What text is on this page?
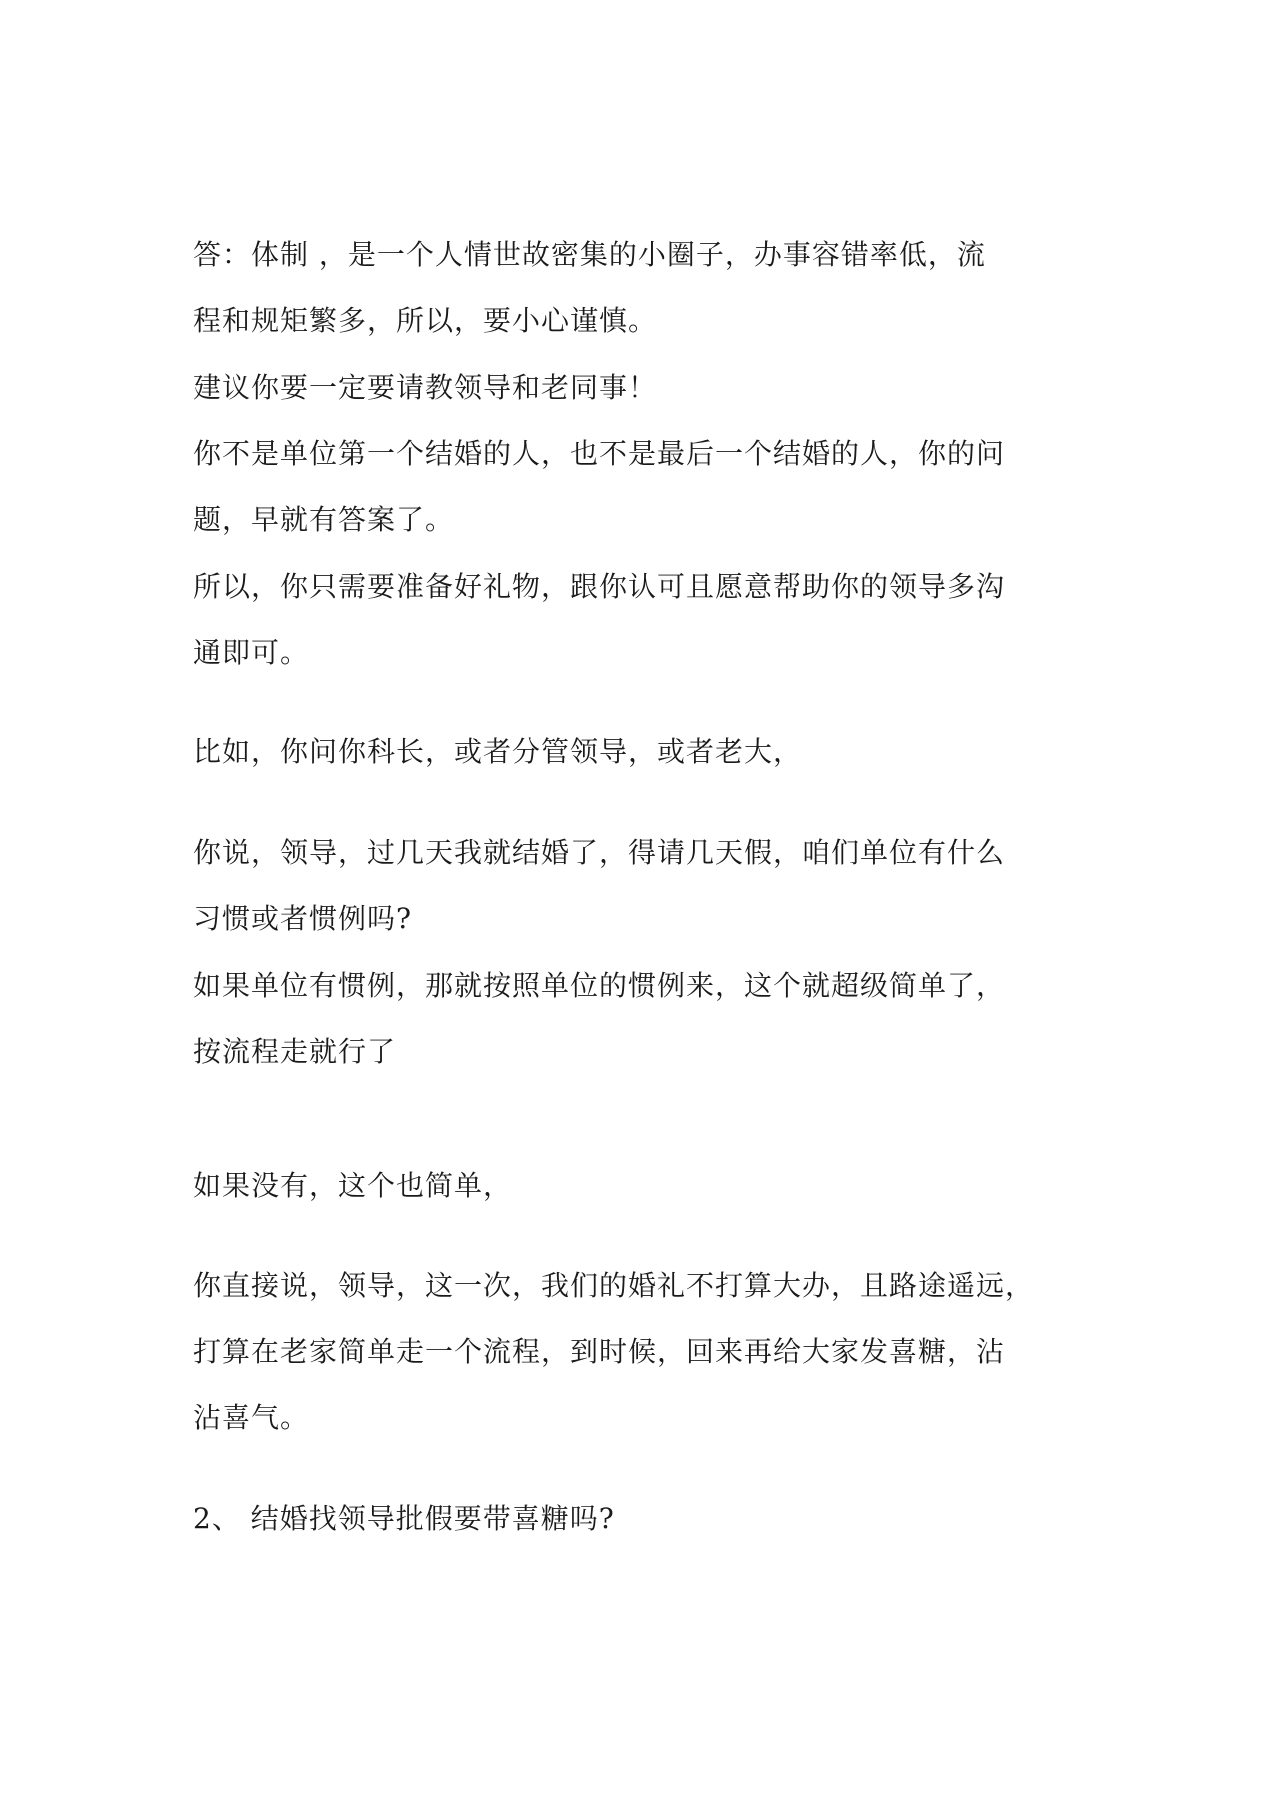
答：体制 ，是一个人情世故密集的小圈子，办事容错率低，流
程和规矩繁多，所以，要小心谨慎。

建议你要一定要请教领导和老同事！

你不是单位第一个结婚的人，也不是最后一个结婚的人，你的问
题，早就有答案了。

所以，你只需要准备好礼物，跟你认可且愿意帮助你的领导多沟
通即可。

比如，你问你科长，或者分管领导，或者老大，

你说，领导，过几天我就结婚了，得请几天假，咱们单位有什么
习惯或者惯例吗?

如果单位有惯例，那就按照单位的惯例来，这个就超级简单了，
按流程走就行了

如果没有，这个也简单，

你直接说，领导，这一次，我们的婚礼不打算大办，且路途遥远，
打算在老家简单走一个流程，到时候，回来再给大家发喜糖，沾
沾喜气。

2、 结婚找领导批假要带喜糖吗?
